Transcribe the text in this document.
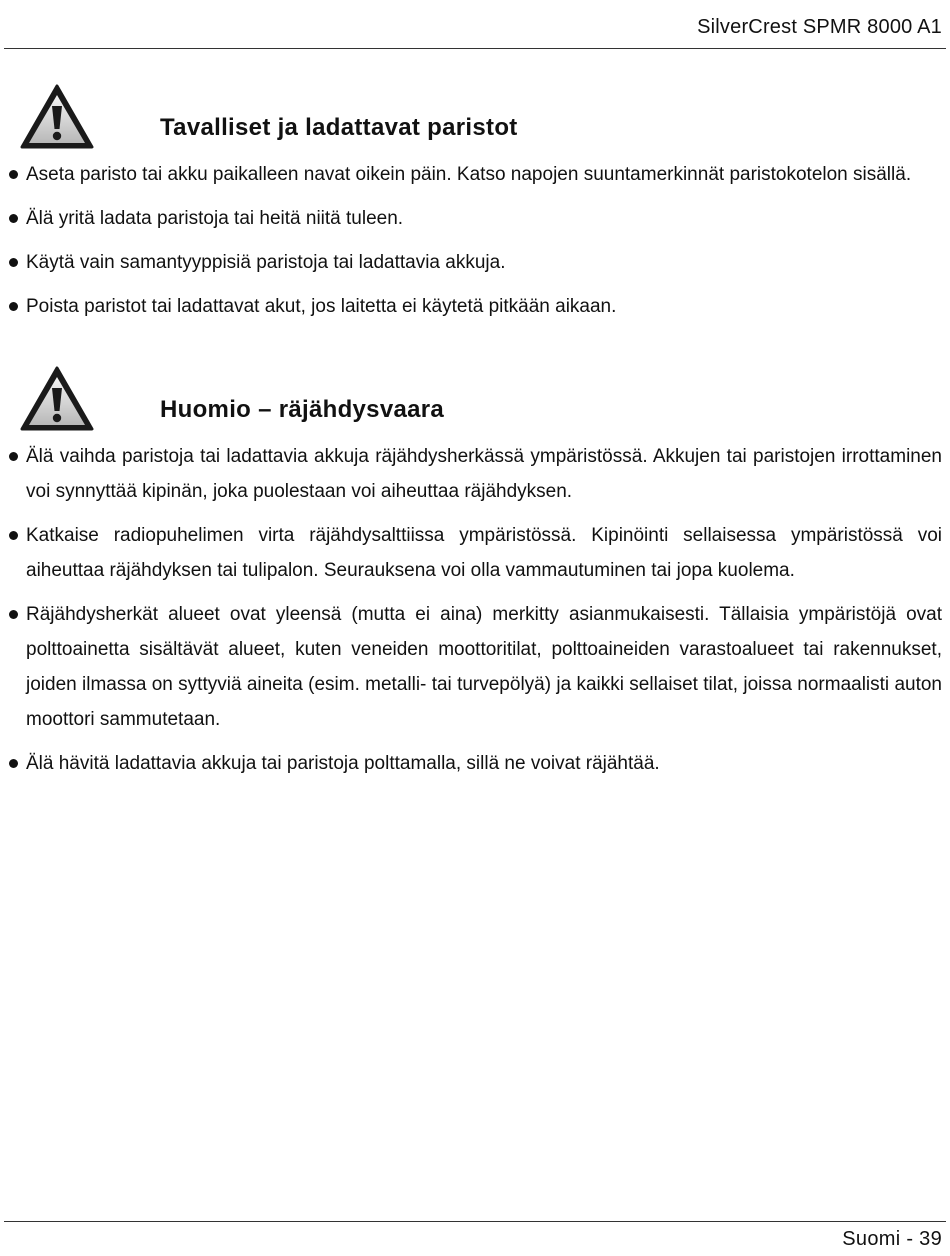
SilverCrest SPMR 8000 A1
Tavalliset ja ladattavat paristot
Aseta paristo tai akku paikalleen navat oikein päin. Katso napojen suuntamerkinnät paristokotelon sisällä.
Älä yritä ladata paristoja tai heitä niitä tuleen.
Käytä vain samantyyppisiä paristoja tai ladattavia akkuja.
Poista paristot tai ladattavat akut, jos laitetta ei käytetä pitkään aikaan.
Huomio – räjähdysvaara
Älä vaihda paristoja tai ladattavia akkuja räjähdysherkässä ympäristössä. Akkujen tai paristojen irrottaminen voi synnyttää kipinän, joka puolestaan voi aiheuttaa räjähdyksen.
Katkaise radiopuhelimen virta räjähdysalttiissa ympäristössä. Kipinöinti sellaisessa ympäristössä voi aiheuttaa räjähdyksen tai tulipalon. Seurauksena voi olla vammautuminen tai jopa kuolema.
Räjähdysherkät alueet ovat yleensä (mutta ei aina) merkitty asianmukaisesti. Tällaisia ympäristöjä ovat polttoainetta sisältävät alueet, kuten veneiden moottoritilat, polttoaineiden varastoalueet tai rakennukset, joiden ilmassa on syttyviä aineita (esim. metalli- tai turvepölyä) ja kaikki sellaiset tilat, joissa normaalisti auton moottori sammutetaan.
Älä hävitä ladattavia akkuja tai paristoja polttamalla, sillä ne voivat räjähtää.
Suomi - 39
